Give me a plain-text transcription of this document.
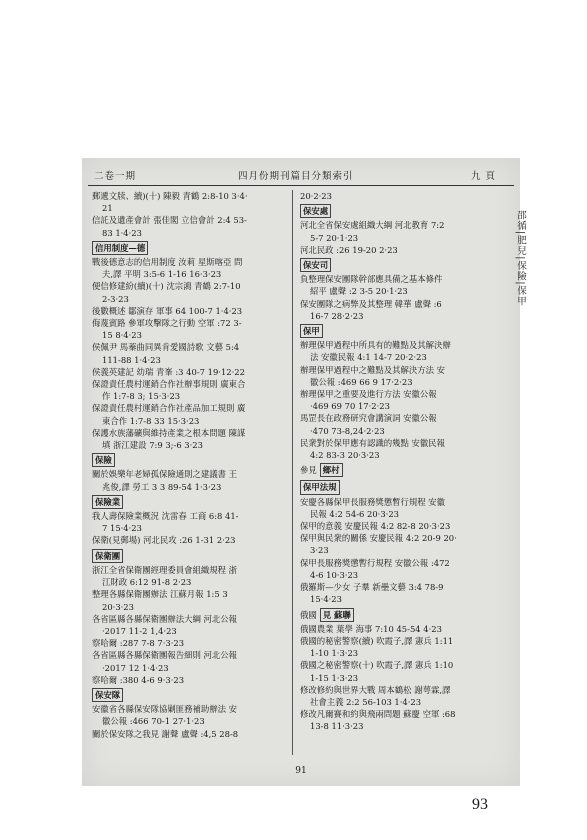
二卷一期	四月份期刊篇目分類索引	九 頁
郵遞文牍、續)(十) 陳毅 青鶴 2:8-10 3·4·
21
信託及遺產會計 張佳閣 立信會計 2:4 53-
83 1·4·23
信用制度—德
戰後德意志的信用制度 汝莉 星斯喀亞 問
夫,譯 平明 3:5-6 1-16 16·3·23
便信修建紛(續)(十) 沈宗鴻 青鶴 2:7-10
2-3·23
後數概述 鄒演存 軍事 64 100-7 1·4·23
侮蔑賓路 參軍攻擊隊之行動 空軍 :72 3-
15 8·4·23
侯佩尹 馬蓁曲同異肯愛國詩歌 文藝 5:4
111-88 1·4·23
侯義英建記 幼瑞 青峯 :3 40-7 19·12·22
保證責任農村運銷合作社辦事規則 廣東合
作 1:7-8 3; 15·3·23
保證責任農村運銷合作社產品加工規則 廣
東合作 1:7-8 33 15·3·23
保護水族藩礦與維持產業之根本問題 陳謀
填 浙江建設 7:9 3;-6 3·23
保險
關於娛樂年老婦孤保險通則之建議書 王
兆俊,譯 勞工 3 3 89-54 1·3·23
保險業
我人壽保險業概況 沈雷春 工商 6:8 41-
7 15·4·23
保衛(見郵場) 河北民攻 :26 1-31 2·23
保衛團
浙江全省保衛團經理委員會組織規程 浙
江財政 6:12 91-8 2·23
整理各縣保衛團辦法 江蘇月報 1:5 3
20·3·23
各省區縣各縣保衛團辦法大綱 河北公報
·2017 11-2 1,4·23
察哈爾 :287 7-8 7·3·23
各省區縣各縣保衛團報告細則 河北公報
·2017 12 1·4·23
察哈爾 :380 4-6 9·3·23
保安隊
安徽省各縣保安隊協剿匪務補助辦法 安
徽公報 :466 70-1 27·1·23
關於保安隊之我見 謝聲 盧聲 :4,5 28-8
20·2·23
保安處
河北全省保安處組織大綱 河北教育 7:2
5-7 20·1·23
河北民政 :26 19-20 2·23
保安司
負整理保安團隊幹部應具備之基本條件
紹平 盧聲 :2 3-5 20·1·23
保安團隊之病弊及其整理 韓華 盧聲 :6
16-7 28·2·23
保甲
辦理保甲過程中所具有的難點及其解決辦
法 安徽民報 4:1 14-7 20·2·23
辦理保甲過程中之難點及其解決方法 安
徽公報 :469 66 9 17·2·23
辦理保甲之重要及進行方法 安徽公報
·469 69 70 17·2·23
馬罡長在政務研究會講演詞 安徽公報
·470 73-8,24·2·23
民衆對於保甲應有認識的幾點 安徽民報
4:2 83-3 20·3·23
參見 鄉村
保甲法規
安慶各縣保甲長服務獎懲暫行規程 安徽
民報 4:2 54-6 20·3·23
保甲的意義 安慶民報 4:2 82-8 20·3·23
保甲與民衆的關係 安慶民報 4:2 20-9 20·
3·23
保甲長服務獎懲暫行規程 安徽公報 :472
4-6 10·3·23
俄羅斯—少女 子羣 新壘文藝 3:4 78-9
15·4·23
俄國 見 蘇聯
俄國農業 葉學 海事 7:10 45-54 4·23
俄國的秘密警察(續) 吹霞子,譯 憲兵 1:11
1-10 1·3·23
俄國之秘密警察(十) 吹霞子,譯 憲兵 1:10
1-15 1·3·23
修改修約與世界大戰 周本鶴松 謝萼霖,譯
社會主義 2:2 56-103 1·4·23
修改凡爾賽和約與飛兩問題 蘇慶 空軍 :68
13-8 11·3·23
邵循|肥兒|保險|保甲
91
93
